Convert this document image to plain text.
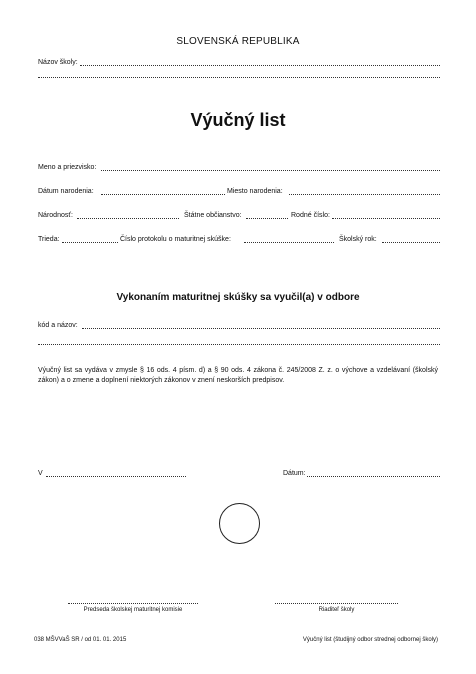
SLOVENSKÁ REPUBLIKA
Názov školy:
Výučný list
Meno a priezvisko:
Dátum narodenia:	Miesto narodenia:
Národnosť:	Štátne občianstvo:	Rodné číslo:
Trieda:	Číslo protokolu o maturitnej skúške:	Školský rok:
Vykonaním maturitnej skúšky sa vyučil(a) v odbore
kód a názov:
Výučný list sa vydáva v zmysle § 16 ods. 4 písm. d) a § 90 ods. 4 zákona č. 245/2008 Z. z. o výchove a vzdelávaní (školský zákon) a o zmene a doplnení niektorých zákonov v znení neskorších predpisov.
V	Dátum:
Predseda školskej maturitnej komisie	Riaditeľ školy
038 MŠVVaŠ SR / od 01. 01. 2015	Výučný list (študijný odbor strednej odbornej školy)
